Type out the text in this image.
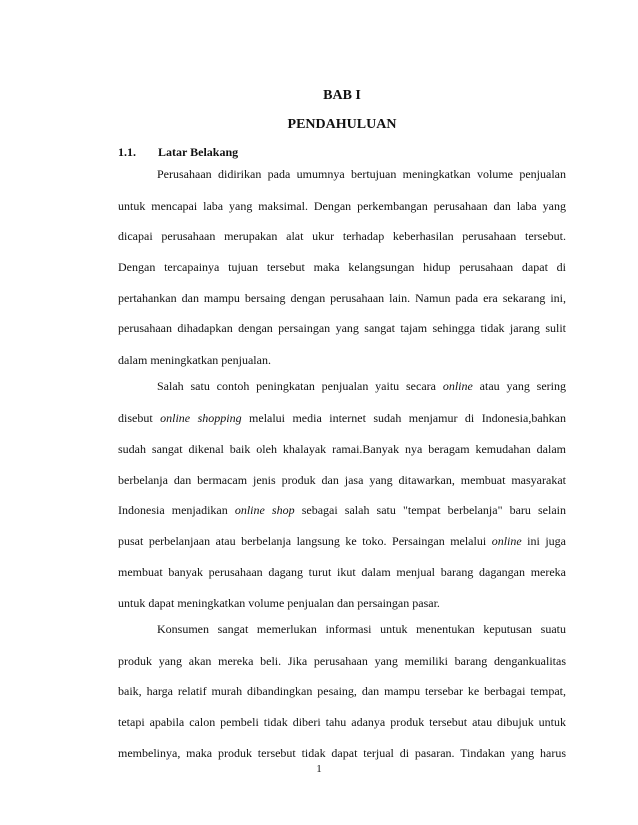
BAB I
PENDAHULUAN
1.1. Latar Belakang
Perusahaan didirikan pada umumnya bertujuan meningkatkan volume penjualan
untuk mencapai laba yang maksimal. Dengan perkembangan perusahaan dan laba yang
dicapai perusahaan merupakan alat ukur terhadap keberhasilan perusahaan tersebut.
Dengan tercapainya tujuan tersebut maka kelangsungan hidup perusahaan dapat di
pertahankan dan mampu bersaing dengan perusahaan lain. Namun pada era sekarang ini,
perusahaan dihadapkan dengan persaingan yang sangat tajam sehingga tidak jarang sulit
dalam meningkatkan penjualan.
Salah satu contoh peningkatan penjualan yaitu secara online atau yang sering
disebut online shopping melalui media internet sudah menjamur di Indonesia,bahkan
sudah sangat dikenal baik oleh khalayak ramai.Banyak nya beragam kemudahan dalam
berbelanja dan bermacam jenis produk dan jasa yang ditawarkan, membuat masyarakat
Indonesia menjadikan online shop sebagai salah satu "tempat berbelanja" baru selain
pusat perbelanjaan atau berbelanja langsung ke toko. Persaingan melalui online ini juga
membuat banyak perusahaan dagang turut ikut dalam menjual barang dagangan mereka
untuk dapat meningkatkan volume penjualan dan persaingan pasar.
Konsumen sangat memerlukan informasi untuk menentukan keputusan suatu
produk yang akan mereka beli. Jika perusahaan yang memiliki barang dengankualitas
baik, harga relatif murah dibandingkan pesaing, dan mampu tersebar ke berbagai tempat,
tetapi apabila calon pembeli tidak diberi tahu adanya produk tersebut atau dibujuk untuk
membelinya, maka produk tersebut tidak dapat terjual di pasaran. Tindakan yang harus
1
